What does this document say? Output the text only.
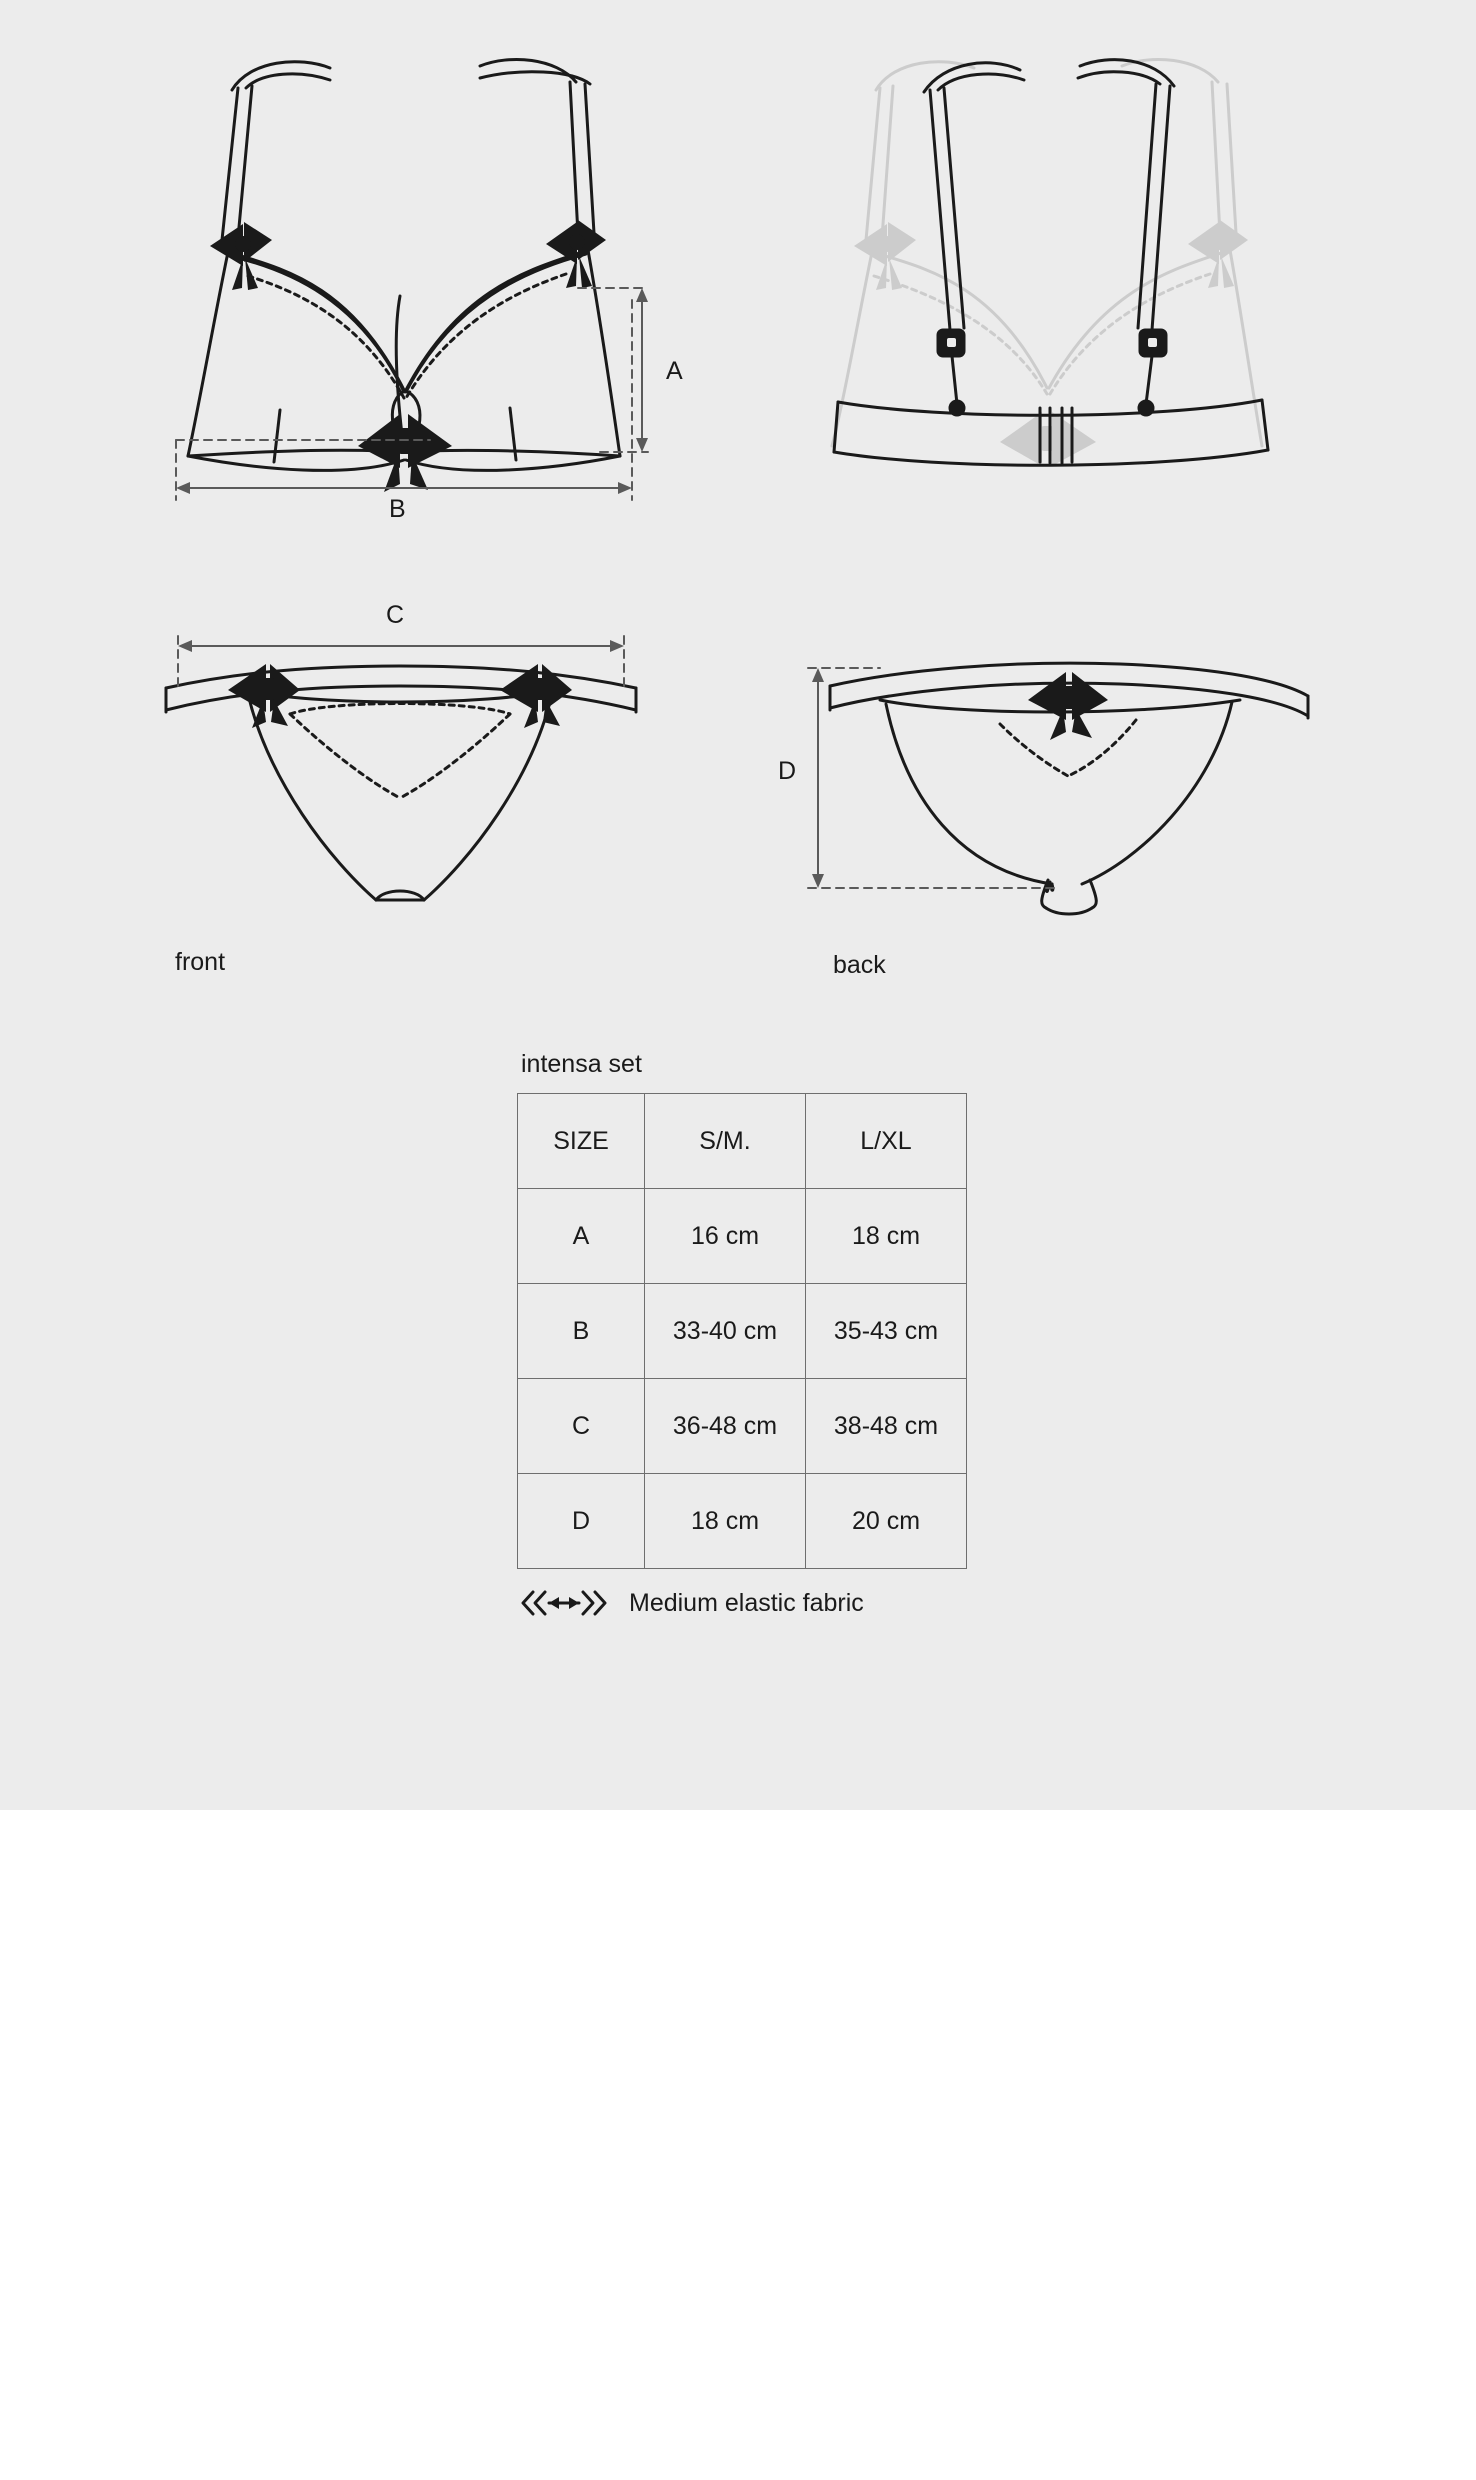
A
B
C
D
front	back
intensa set
SIZE	S/M.	L/XL
A	16 cm	18 cm
B	33-40 cm	35-43 cm
C	36-48 cm	38-48 cm
D	18 cm	20 cm
Medium elastic fabric
